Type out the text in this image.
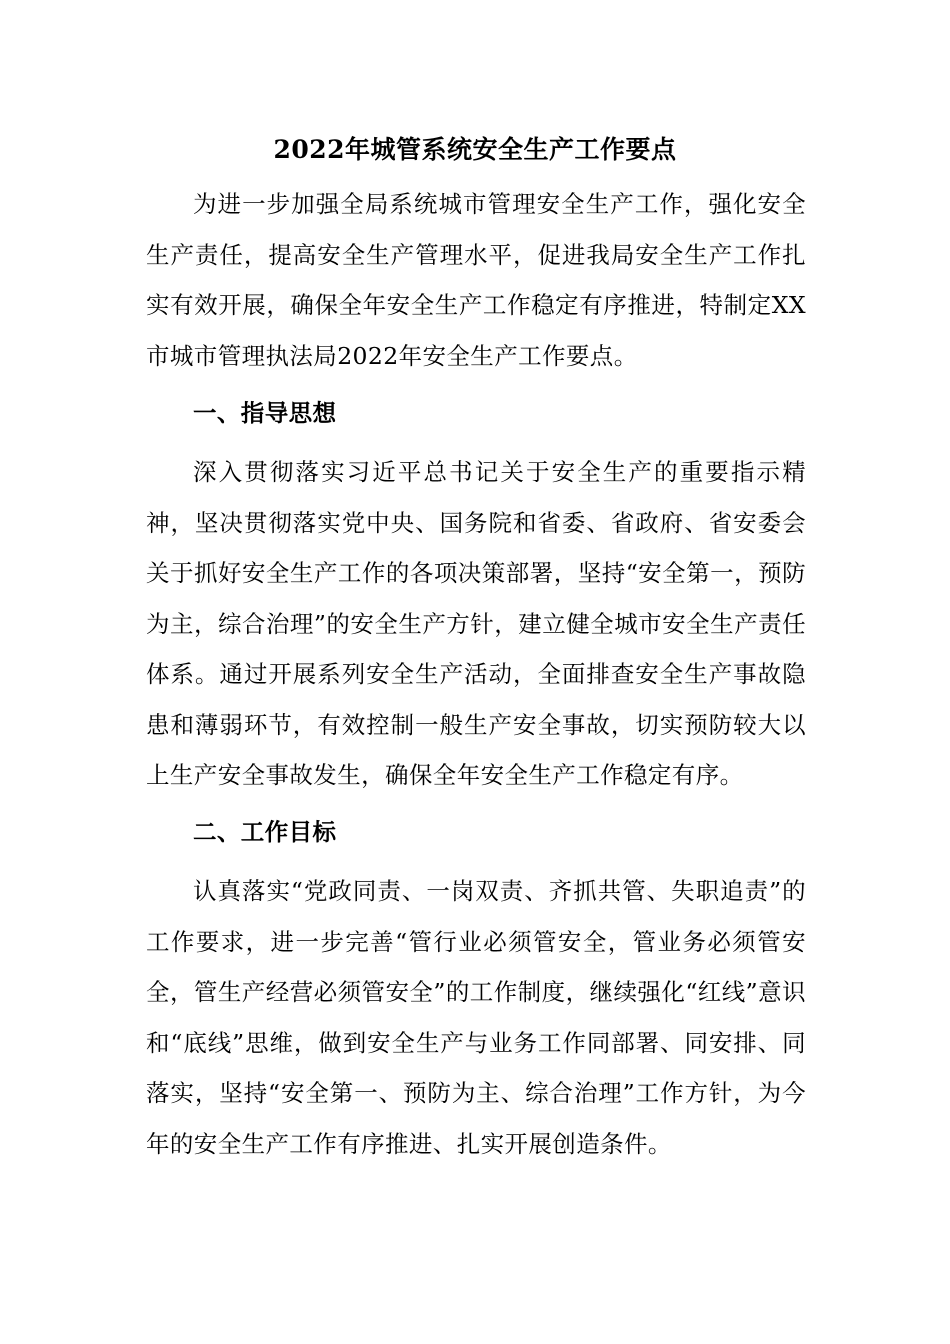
2022年城管系统安全生产工作要点

为进一步加强全局系统城市管理安全生产工作，强化安全生产责任，提高安全生产管理水平，促进我局安全生产工作扎实有效开展，确保全年安全生产工作稳定有序推进，特制定XX市城市管理执法局2022年安全生产工作要点。

一、指导思想

深入贯彻落实习近平总书记关于安全生产的重要指示精神，坚决贯彻落实党中央、国务院和省委、省政府、省安委会关于抓好安全生产工作的各项决策部署，坚持“安全第一，预防为主，综合治理”的安全生产方针，建立健全城市安全生产责任体系。通过开展系列安全生产活动，全面排查安全生产事故隐患和薄弱环节，有效控制一般生产安全事故，切实预防较大以上生产安全事故发生，确保全年安全生产工作稳定有序。

二、工作目标

认真落实“党政同责、一岗双责、齐抓共管、失职追责”的工作要求，进一步完善“管行业必须管安全，管业务必须管安全，管生产经营必须管安全”的工作制度，继续强化“红线”意识和“底线”思维，做到安全生产与业务工作同部署、同安排、同落实，坚持“安全第一、预防为主、综合治理”工作方针，为今年的安全生产工作有序推进、扎实开展创造条件。
